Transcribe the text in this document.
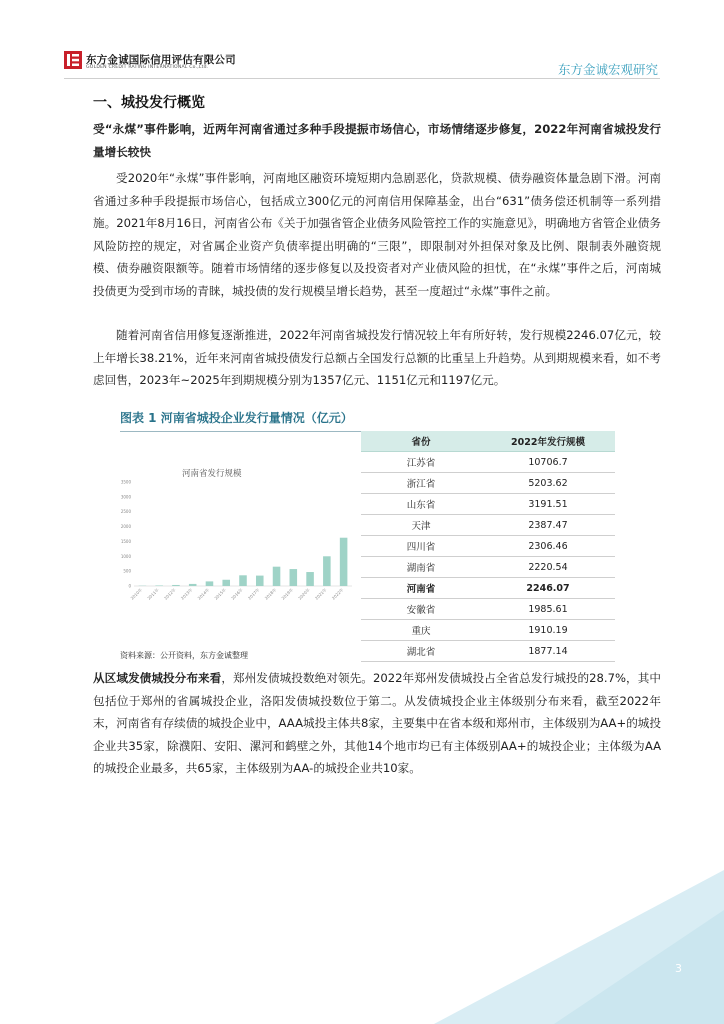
东方金诚国际信用评估有限公司
GOLDEN CREDIT RATING INTERNATIONAL Co.,Ltd.	东方金诚宏观研究
一、城投发行概览
受“永煤”事件影响，近两年河南省通过多种手段提振市场信心，市场情绪逐步修复，2022年河南省城投发行量增长较快
受2020年“永煤”事件影响，河南地区融资环境短期内急剧恶化，贷款规模、债券融资体量急剧下滑。河南省通过多种手段提振市场信心，包括成立300亿元的河南信用保障基金，出台“631”债务偿还机制等一系列措施。2021年8月16日，河南省公布《关于加强省管企业债务风险管控工作的实施意见》，明确地方省管企业债务风险防控的规定，对省属企业资产负债率提出明确的“三限”，即限制对外担保对象及比例、限制表外融资规模、债券融资限额等。随着市场情绪的逐步修复以及投资者对产业债风险的担忧，在“永煤”事件之后，河南城投债更为受到市场的青睐，城投债的发行规模呈增长趋势，甚至一度超过“永煤”事件之前。
随着河南省信用修复逐渐推进，2022年河南省城投发行情况较上年有所好转，发行规模2246.07亿元，较上年增长38.21%，近年来河南省城投债发行总额占全国发行总额的比重呈上升趋势。从到期规模来看，如不考虑回售，2023年~2025年到期规模分别为1357亿元、1151亿元和1197亿元。
图表 1 河南省城投企业发行量情况（亿元）
河南省发行规模
0
500
1000
1500
2000
2500
3000
3500
2010年 2011年 2012年 2013年 2014年 2015年 2016年 2017年 2018年 2019年 2020年 2021年 2022年
省份	2022年发行规模
江苏省	10706.7
浙江省	5203.62
山东省	3191.51
天津	2387.47
四川省	2306.46
湖南省	2220.54
河南省	2246.07
安徽省	1985.61
重庆	1910.19
湖北省	1877.14
资料来源：公开资料，东方金诚整理
从区域发债城投分布来看，郑州发债城投数绝对领先。2022年郑州发债城投占全省总发行城投的28.7%，其中包括位于郑州的省属城投企业，洛阳发债城投数位于第二。从发债城投企业主体级别分布来看，截至2022年末，河南省有存续债的城投企业中，AAA城投主体共8家，主要集中在省本级和郑州市，主体级别为AA+的城投企业共35家，除濮阳、安阳、漯河和鹤壁之外，其他14个地市均已有主体级别AA+的城投企业；主体级为AA的城投企业最多，共65家，主体级别为AA-的城投企业共10家。
3
